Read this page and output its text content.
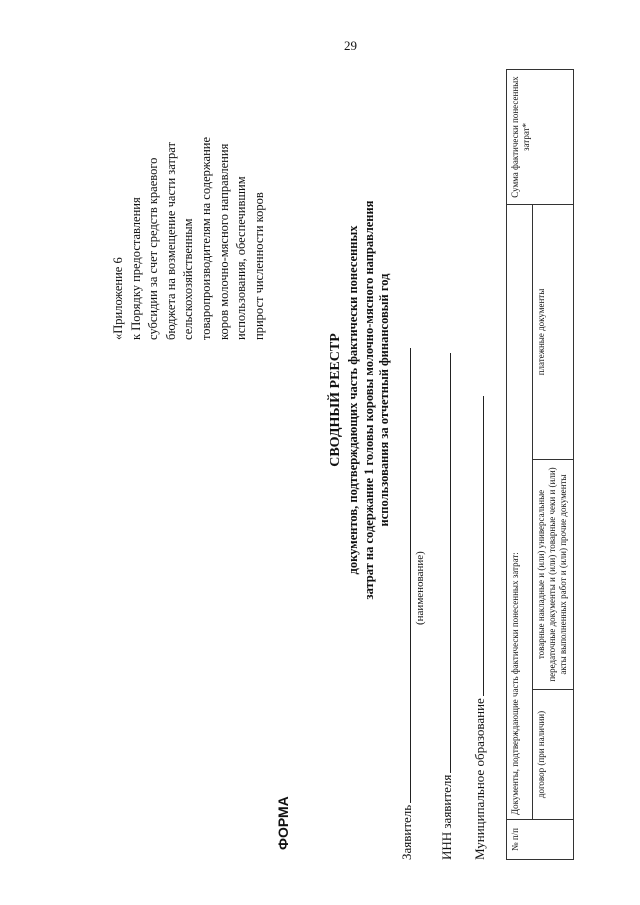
29
«Приложение 6 к Порядку предоставления субсидии за счет средств краевого бюджета на возмещение части затрат сельскохозяйственным товаропроизводителям на содержание коров молочно-мясного направления использования, обеспечившим прирост численности коров
ФОРМА
СВОДНЫЙ РЕЕСТР документов, подтверждающих часть фактически понесенных затрат на содержание 1 головы коровы молочно-мясного направления использования за отчетный финансовый год
Заявитель
(наименование)
ИНН заявителя Муниципальное образование	№ п/п	Документы, подтверждающие часть фактически понесенных затрат:			Сумма фактически понесенных затрат*
	договор (при наличии)	товарные накладные и (или) универсальные передаточные документы и (или) товарные чеки и (или) акты выполненных работ и (или) прочие документы	платежные документы	
